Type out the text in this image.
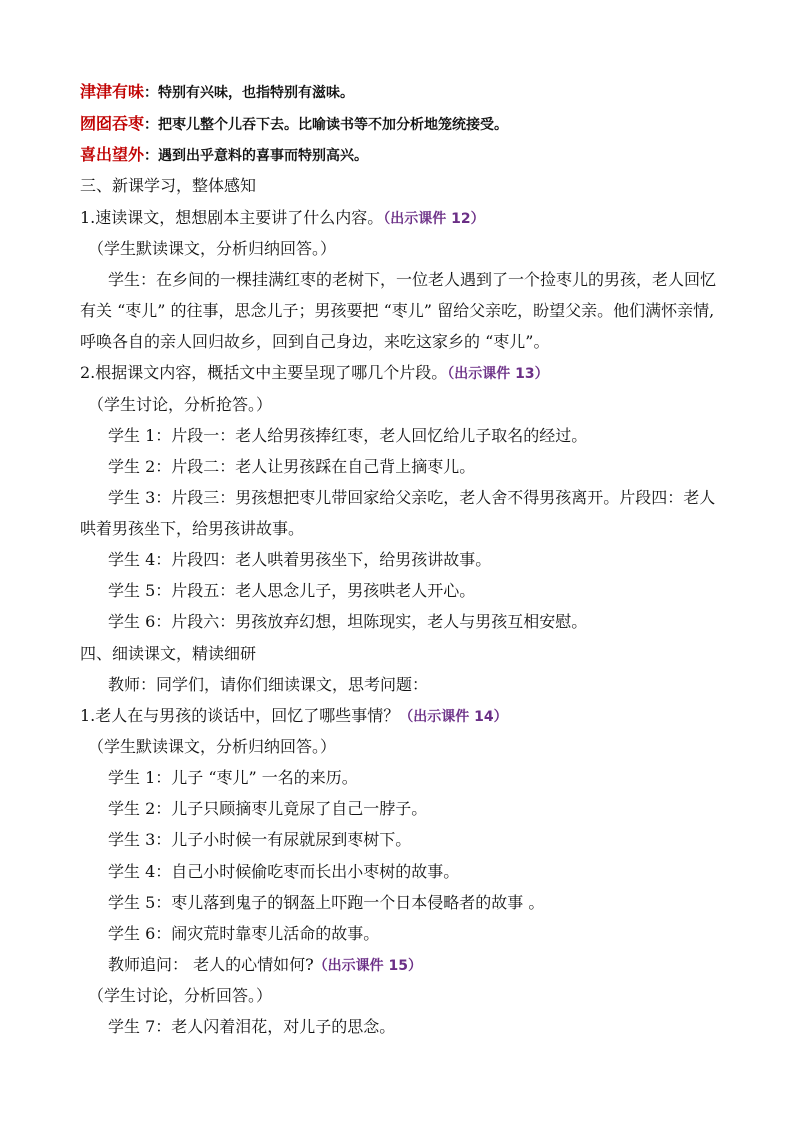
津津有味：特别有兴味，也指特别有滋味。
囫囵吞枣：把枣儿整个儿吞下去。比喻读书等不加分析地笼统接受。
喜出望外：遇到出乎意料的喜事而特别高兴。
三、新课学习，整体感知
1.速读课文，想想剧本主要讲了什么内容。（出示课件 12）
（学生默读课文，分析归纳回答。）
学生：在乡间的一棵挂满红枣的老树下，一位老人遇到了一个捡枣儿的男孩，老人回忆
有关 “枣儿” 的往事，思念儿子；男孩要把 “枣儿” 留给父亲吃，盼望父亲。他们满怀亲情,
呼唤各自的亲人回归故乡，回到自己身边，来吃这家乡的 “枣儿”。
2.根据课文内容，概括文中主要呈现了哪几个片段。（出示课件 13）
（学生讨论，分析抢答。）
学生 1：片段一：老人给男孩捧红枣，老人回忆给儿子取名的经过。
学生 2：片段二：老人让男孩踩在自己背上摘枣儿。
学生 3：片段三：男孩想把枣儿带回家给父亲吃，老人舍不得男孩离开。片段四：老人
哄着男孩坐下，给男孩讲故事。
学生 4：片段四：老人哄着男孩坐下，给男孩讲故事。
学生 5：片段五：老人思念儿子，男孩哄老人开心。
学生 6：片段六：男孩放弃幻想，坦陈现实，老人与男孩互相安慰。
四、细读课文，精读细研
教师：同学们，请你们细读课文，思考问题：
1.老人在与男孩的谈话中，回忆了哪些事情？（出示课件 14）
（学生默读课文，分析归纳回答。）
学生 1：儿子 “枣儿” 一名的来历。
学生 2：儿子只顾摘枣儿竟尿了自己一脖子。
学生 3：儿子小时候一有尿就尿到枣树下。
学生 4：自己小时候偷吃枣而长出小枣树的故事。
学生 5：枣儿落到鬼子的钢盔上吓跑一个日本侵略者的故事 。
学生 6：闹灾荒时靠枣儿活命的故事。
教师追问： 老人的心情如何?（出示课件 15）
（学生讨论，分析回答。）
学生 7：老人闪着泪花，对儿子的思念。
